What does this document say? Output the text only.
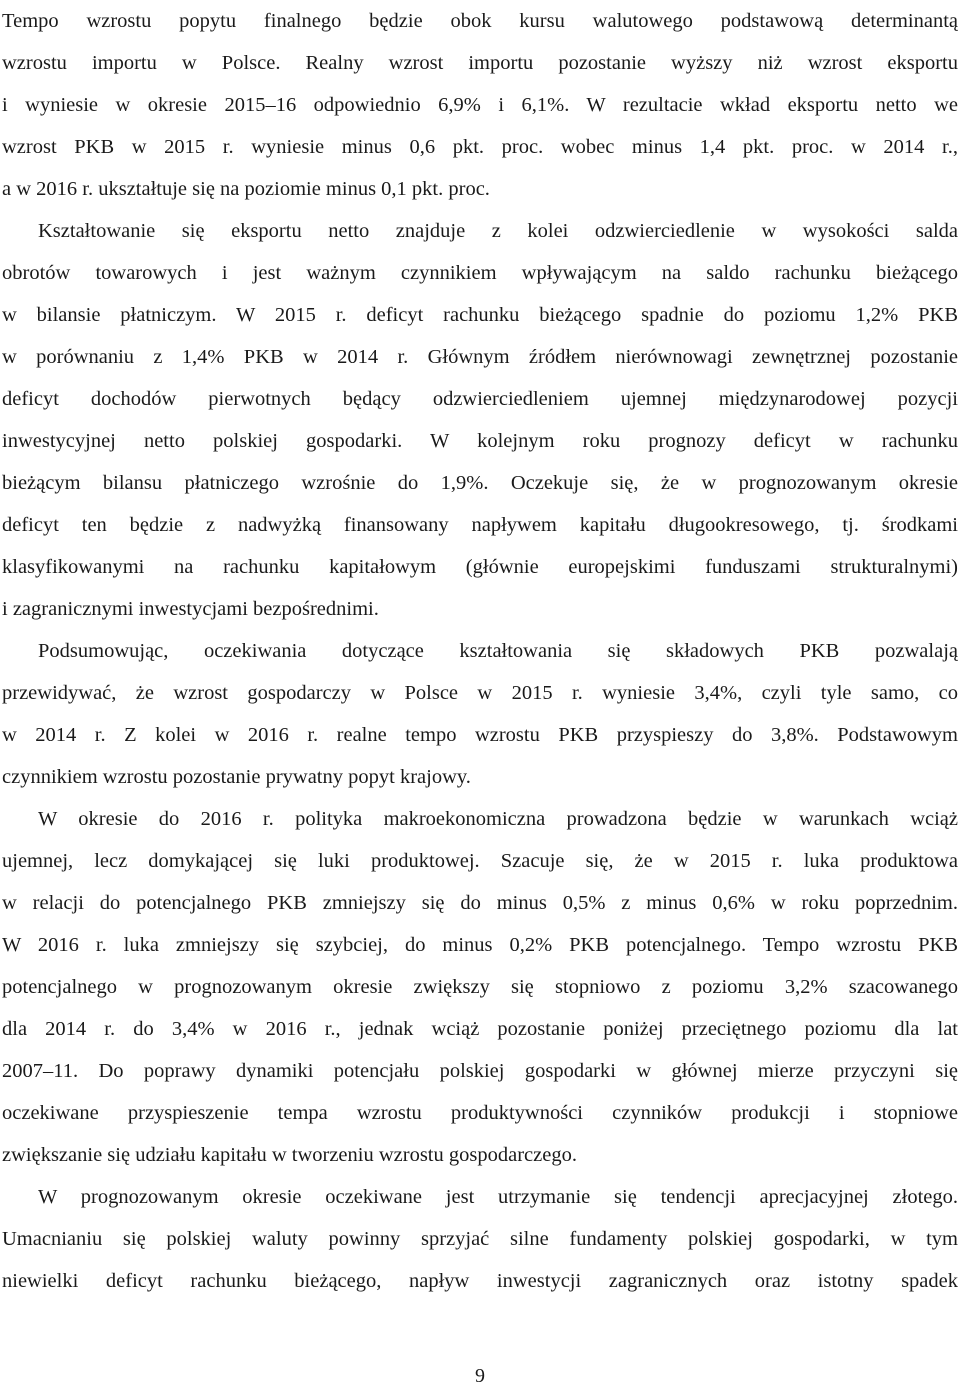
Tempo wzrostu popytu finalnego będzie obok kursu walutowego podstawową determinantą
wzrostu importu w Polsce. Realny wzrost importu pozostanie wyższy niż wzrost eksportu
i wyniesie w okresie 2015–16 odpowiednio 6,9% i 6,1%. W rezultacie wkład eksportu netto we
wzrost PKB w 2015 r. wyniesie minus 0,6 pkt. proc. wobec minus 1,4 pkt. proc. w 2014 r.,
a w 2016 r. ukształtuje się na poziomie minus 0,1 pkt. proc.
Kształtowanie się eksportu netto znajduje z kolei odzwierciedlenie w wysokości salda
obrotów towarowych i jest ważnym czynnikiem wpływającym na saldo rachunku bieżącego
w bilansie płatniczym. W 2015 r. deficyt rachunku bieżącego spadnie do poziomu 1,2% PKB
w porównaniu z 1,4% PKB w 2014 r. Głównym źródłem nierównowagi zewnętrznej pozostanie
deficyt dochodów pierwotnych będący odzwierciedleniem ujemnej międzynarodowej pozycji
inwestycyjnej netto polskiej gospodarki. W kolejnym roku prognozy deficyt w rachunku
bieżącym bilansu płatniczego wzrośnie do 1,9%. Oczekuje się, że w prognozowanym okresie
deficyt ten będzie z nadwyżką finansowany napływem kapitału długookresowego, tj. środkami
klasyfikowanymi na rachunku kapitałowym (głównie europejskimi funduszami strukturalnymi)
i zagranicznymi inwestycjami bezpośrednimi.
Podsumowując, oczekiwania dotyczące kształtowania się składowych PKB pozwalają
przewidywać, że wzrost gospodarczy w Polsce w 2015 r. wyniesie 3,4%, czyli tyle samo, co
w 2014 r. Z kolei w 2016 r. realne tempo wzrostu PKB przyspieszy do 3,8%. Podstawowym
czynnikiem wzrostu pozostanie prywatny popyt krajowy.
W okresie do 2016 r. polityka makroekonomiczna prowadzona będzie w warunkach wciąż
ujemnej, lecz domykającej się luki produktowej. Szacuje się, że w 2015 r. luka produktowa
w relacji do potencjalnego PKB zmniejszy się do minus 0,5% z minus 0,6% w roku poprzednim.
W 2016 r. luka zmniejszy się szybciej, do minus 0,2% PKB potencjalnego. Tempo wzrostu PKB
potencjalnego w prognozowanym okresie zwiększy się stopniowo z poziomu 3,2% szacowanego
dla 2014 r. do 3,4% w 2016 r., jednak wciąż pozostanie poniżej przeciętnego poziomu dla lat
2007–11. Do poprawy dynamiki potencjału polskiej gospodarki w głównej mierze przyczyni się
oczekiwane przyspieszenie tempa wzrostu produktywności czynników produkcji i stopniowe
zwiększanie się udziału kapitału w tworzeniu wzrostu gospodarczego.
W prognozowanym okresie oczekiwane jest utrzymanie się tendencji aprecjacyjnej złotego.
Umacnianiu się polskiej waluty powinny sprzyjać silne fundamenty polskiej gospodarki, w tym
niewielki deficyt rachunku bieżącego, napływ inwestycji zagranicznych oraz istotny spadek
9
